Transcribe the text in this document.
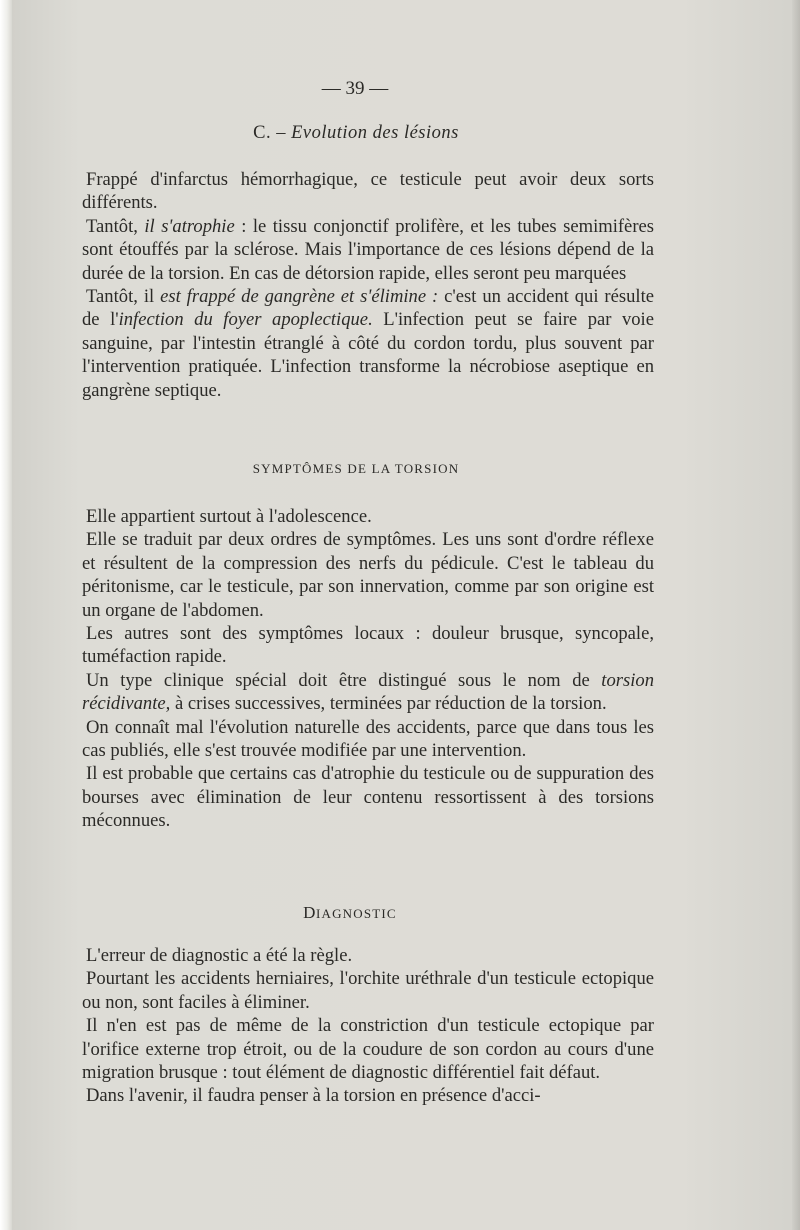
— 39 —
C. – Evolution des lésions

Frappé d'infarctus hémorrhagique, ce testicule peut avoir deux sorts différents.

Tantôt, il s'atrophie : le tissu conjonctif prolifère, et les tubes semimifères sont étouffés par la sclérose. Mais l'importance de ces lésions dépend de la durée de la torsion. En cas de détorsion rapide, elles seront peu marquées

Tantôt, il est frappé de gangrène et s'élimine : c'est un accident qui résulte de l'infection du foyer apoplectique. L'infection peut se faire par voie sanguine, par l'intestin étranglé à côté du cordon tordu, plus souvent par l'intervention pratiquée. L'infection transforme la nécrobiose aseptique en gangrène septique.

SYMPTÔMES DE LA TORSION

Elle appartient surtout à l'adolescence.

Elle se traduit par deux ordres de symptômes. Les uns sont d'ordre réflexe et résultent de la compression des nerfs du pédicule. C'est le tableau du péritonisme, car le testicule, par son innervation, comme par son origine est un organe de l'abdomen.

Les autres sont des symptômes locaux : douleur brusque, syncopale, tuméfaction rapide.

Un type clinique spécial doit être distingué sous le nom de torsion récidivante, à crises successives, terminées par réduction de la torsion.

On connaît mal l'évolution naturelle des accidents, parce que dans tous les cas publiés, elle s'est trouvée modifiée par une intervention.

Il est probable que certains cas d'atrophie du testicule ou de suppuration des bourses avec élimination de leur contenu ressortissent à des torsions méconnues.

DIAGNOSTIC

L'erreur de diagnostic a été la règle.

Pourtant les accidents herniaires, l'orchite uréthrale d'un testicule ectopique ou non, sont faciles à éliminer.

Il n'en est pas de même de la constriction d'un testicule ectopique par l'orifice externe trop étroit, ou de la coudure de son cordon au cours d'une migration brusque : tout élément de diagnostic différentiel fait défaut.

Dans l'avenir, il faudra penser à la torsion en présence d'acci-
